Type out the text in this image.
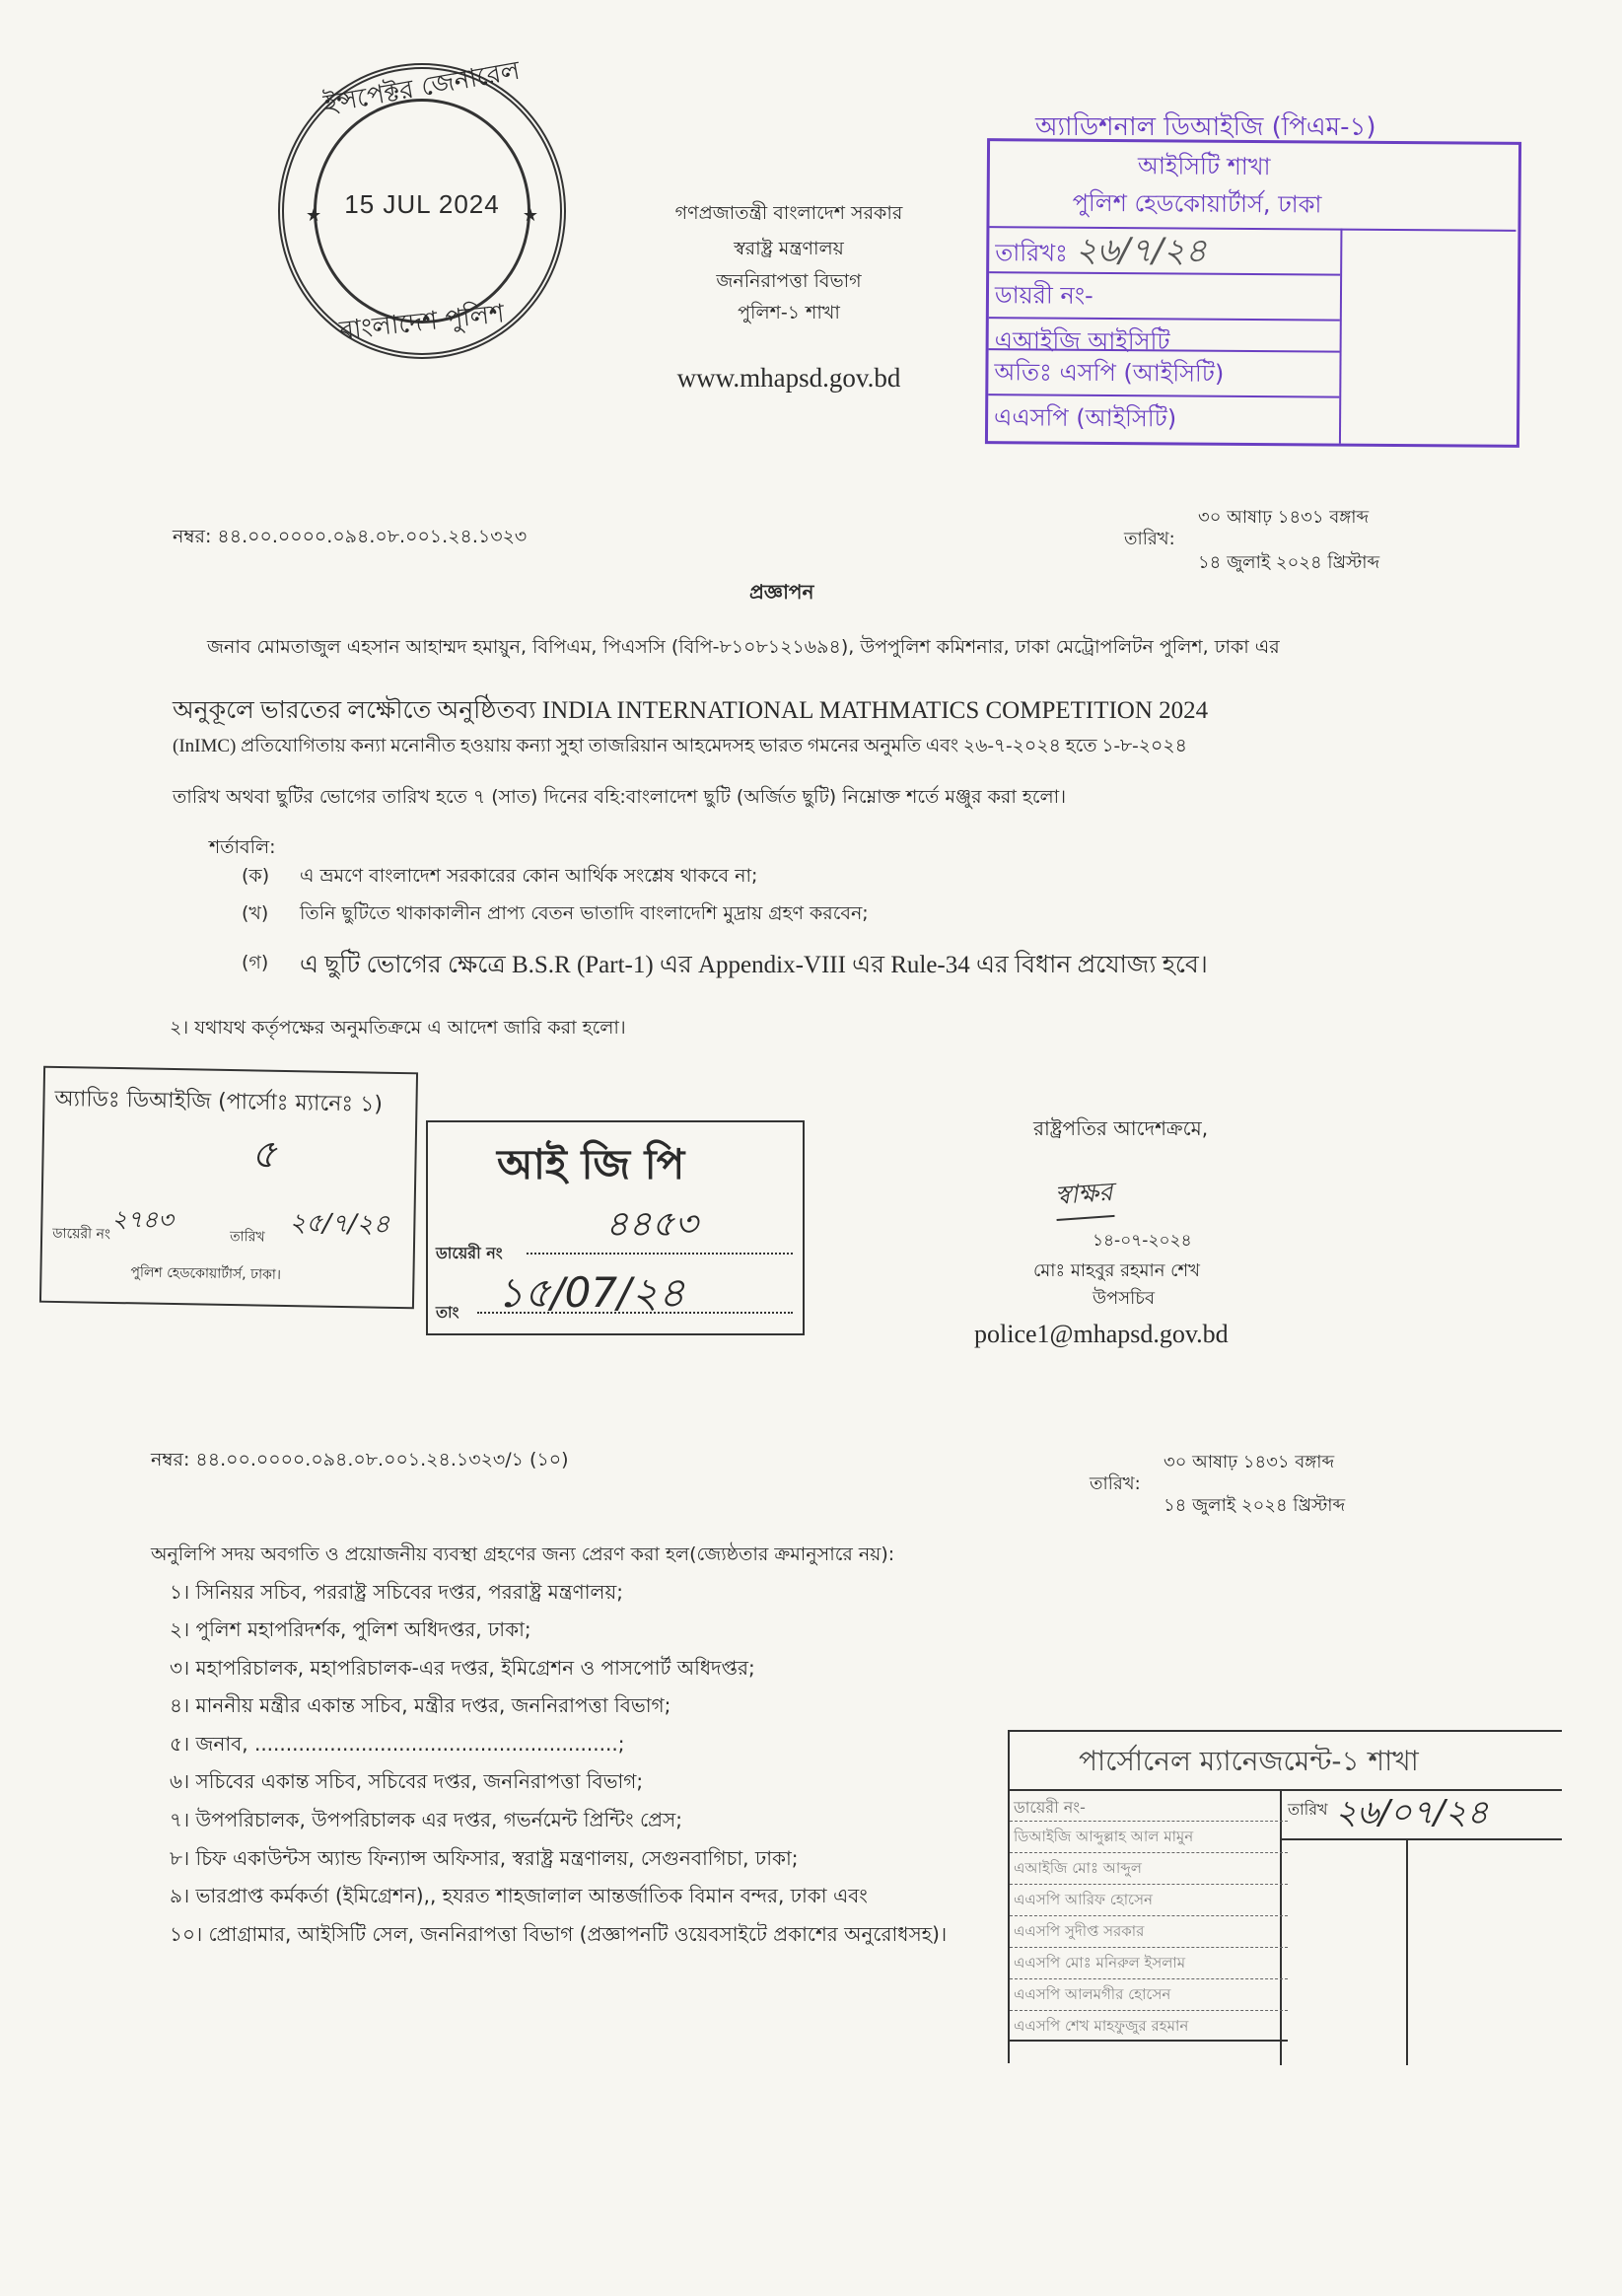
ইন্সপেক্টর জেনারেল
★ 15 JUL 2024	★
বাংলাদেশ পুলিশ
গণপ্রজাতন্ত্রী বাংলাদেশ সরকার
স্বরাষ্ট্র মন্ত্রণালয়
জননিরাপত্তা বিভাগ
পুলিশ-১ শাখা
www.mhapsd.gov.bd
অ্যাডিশনাল ডিআইজি (পিএম-১)
আইসিটি শাখা
পুলিশ হেডকোয়ার্টার্স, ঢাকা
তারিখঃ ২৬/৭/২৪
ডায়রী নং-
এআইজি আইসিটি
অতিঃ এসপি (আইসিটি)
এএসপি (আইসিটি)
নম্বর: ৪৪.০০.০০০০.০৯৪.০৮.০০১.২৪.১৩২৩
৩০ আষাঢ় ১৪৩১ বঙ্গাব্দ
তারিখ:
১৪ জুলাই ২০২৪ খ্রিস্টাব্দ
প্রজ্ঞাপন
জনাব মোমতাজুল এহসান আহাম্মদ হমায়ুন, বিপিএম, পিএসসি (বিপি-৮১০৮১২১৬৯৪), উপপুলিশ কমিশনার, ঢাকা মেট্রোপলিটন পুলিশ, ঢাকা এর
অনুকূলে ভারতের লক্ষৌতে অনুষ্ঠিতব্য INDIA INTERNATIONAL MATHMATICS COMPETITION 2024
(InIMC) প্রতিযোগিতায় কন্যা মনোনীত হওয়ায় কন্যা সুহা তাজরিয়ান আহমেদসহ ভারত গমনের অনুমতি এবং ২৬-৭-২০২৪ হতে ১-৮-২০২৪
তারিখ অথবা ছুটির ভোগের তারিখ হতে ৭ (সাত) দিনের বহি:বাংলাদেশ ছুটি (অর্জিত ছুটি) নিম্নোক্ত শর্তে মঞ্জুর করা হলো।
শর্তাবলি:
(ক) এ ভ্রমণে বাংলাদেশ সরকারের কোন আর্থিক সংশ্লেষ থাকবে না;
(খ) তিনি ছুটিতে থাকাকালীন প্রাপ্য বেতন ভাতাদি বাংলাদেশি মুদ্রায় গ্রহণ করবেন;
(গ) এ ছুটি ভোগের ক্ষেত্রে B.S.R (Part-1) এর Appendix-VIII এর Rule-34 এর বিধান প্রযোজ্য হবে।
২। যথাযথ কর্তৃপক্ষের অনুমতিক্রমে এ আদেশ জারি করা হলো।
অ্যাডিঃ ডিআইজি (পার্সোঃ ম্যানেঃ ১)
৫
ডায়েরী নং
২৭৪৩
তারিখ ২৫/৭/২৪
পুলিশ হেডকোয়ার্টার্স, ঢাকা।
আই জি পি
৪৪৫৩
ডায়েরী নং
তাং ১৫/07/২৪
রাষ্ট্রপতির আদেশক্রমে,
স্বাক্ষর
১৪-০৭-২০২৪
মোঃ মাহবুর রহমান শেখ
উপসচিব
police1@mhapsd.gov.bd
নম্বর: ৪৪.০০.০০০০.০৯৪.০৮.০০১.২৪.১৩২৩/১ (১০)	৩০ আষাঢ় ১৪৩১ বঙ্গাব্দ
তারিখ:
১৪ জুলাই ২০২৪ খ্রিস্টাব্দ
অনুলিপি সদয় অবগতি ও প্রয়োজনীয় ব্যবস্থা গ্রহণের জন্য প্রেরণ করা হল(জ্যেষ্ঠতার ক্রমানুসারে নয়):
১। সিনিয়র সচিব, পররাষ্ট্র সচিবের দপ্তর, পররাষ্ট্র মন্ত্রণালয়;
২। পুলিশ মহাপরিদর্শক, পুলিশ অধিদপ্তর, ঢাকা;
৩। মহাপরিচালক, মহাপরিচালক-এর দপ্তর, ইমিগ্রেশন ও পাসপোর্ট অধিদপ্তর;
৪। মাননীয় মন্ত্রীর একান্ত সচিব, মন্ত্রীর দপ্তর, জননিরাপত্তা বিভাগ;
৫। জনাব, ..........................................................;
৬। সচিবের একান্ত সচিব, সচিবের দপ্তর, জননিরাপত্তা বিভাগ;
৭। উপপরিচালক, উপপরিচালক এর দপ্তর, গভর্নমেন্ট প্রিন্টিং প্রেস;
৮। চিফ একাউন্টস অ্যান্ড ফিন্যান্স অফিসার, স্বরাষ্ট্র মন্ত্রণালয়, সেগুনবাগিচা, ঢাকা;
৯। ভারপ্রাপ্ত কর্মকর্তা (ইমিগ্রেশন),, হযরত শাহজালাল আন্তর্জাতিক বিমান বন্দর, ঢাকা এবং
১০। প্রোগ্রামার, আইসিটি সেল, জননিরাপত্তা বিভাগ (প্রজ্ঞাপনটি ওয়েবসাইটে প্রকাশের অনুরোধসহ)।
পার্সোনেল ম্যানেজমেন্ট-১ শাখা
ডায়েরী নং-	তারিখ ২৬/০৭/২৪
ডিআইজি আব্দুল্লাহ আল মামুন
এআইজি মোঃ আব্দুল
এএসপি আরিফ হোসেন
এএসপি সুদীপ্ত সরকার
এএসপি মোঃ মনিরুল ইসলাম
এএসপি আলমগীর হোসেন
এএসপি শেখ মাহফুজুর রহমান
